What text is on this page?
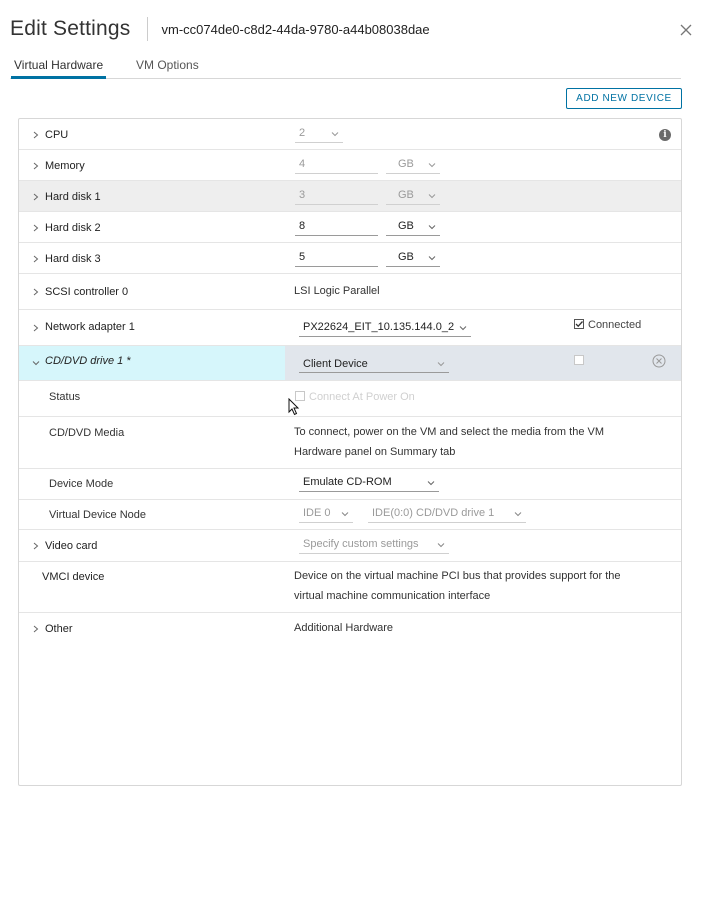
Edit Settings vm-cc074de0-c8d2-44da-9780-a44b08038dae
Virtual Hardware	VM Options
ADD NEW DEVICE
CPU	2	i
Memory	4	GB
Hard disk 1	3	GB
Hard disk 2	8	GB
Hard disk 3	5	GB
SCSI controller 0	LSI Logic Parallel
Network adapter 1	PX22624_EIT_10.135.144.0_2	Connected
CD/DVD drive 1 *	Client Device
Status	Connect At Power On
CD/DVD Media	To connect, power on the VM and select the media from the VM
Hardware panel on Summary tab
Device Mode	Emulate CD-ROM
Virtual Device Node	IDE 0	IDE(0:0) CD/DVD drive 1
Video card	Specify custom settings
VMCI device	Device on the virtual machine PCI bus that provides support for the
virtual machine communication interface
Other	Additional Hardware
